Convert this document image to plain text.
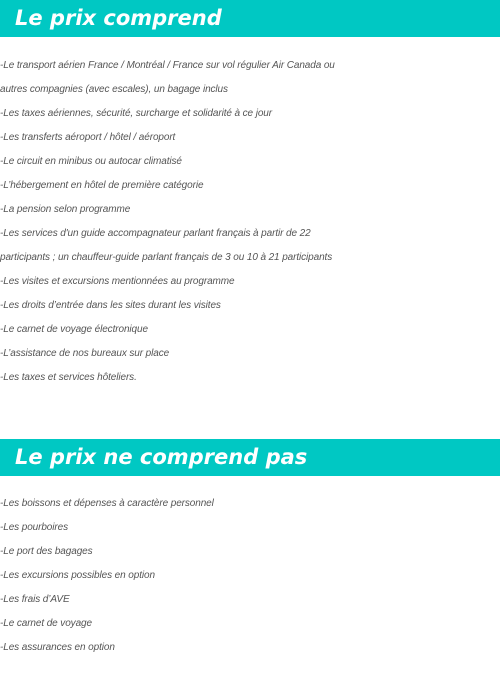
Le prix comprend
-Le transport aérien France / Montréal / France sur vol régulier Air Canada ou
autres compagnies (avec escales), un bagage inclus
-Les taxes aériennes, sécurité, surcharge et solidarité à ce jour
-Les transferts aéroport / hôtel / aéroport
-Le circuit en minibus ou autocar climatisé
-L’hébergement en hôtel de première catégorie
-La pension selon programme
-Les services d'un guide accompagnateur parlant français à partir de 22
participants ; un chauffeur-guide parlant français de 3 ou 10 à 21 participants
-Les visites et excursions mentionnées au programme
-Les droits d’entrée dans les sites durant les visites
-Le carnet de voyage électronique
-L’assistance de nos bureaux sur place
-Les taxes et services hôteliers.
Le prix ne comprend pas
-Les boissons et dépenses à caractère personnel
-Les pourboires
-Le port des bagages
-Les excursions possibles en option
-Les frais d’AVE
-Le carnet de voyage
-Les assurances en option
